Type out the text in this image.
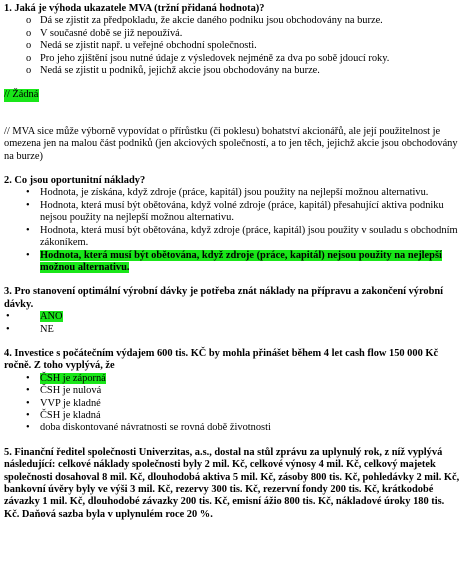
1. Jaká je výhoda ukazatele MVA (tržní přidaná hodnota)?

o Dá se zjistit za předpokladu, že akcie daného podniku jsou obchodovány na burze.
o V současné době se již nepoužívá.
o Nedá se zjistit např. u veřejné obchodní společnosti.
o Pro jeho zjištění jsou nutné údaje z výsledovek nejméně za dva po sobě jdoucí roky.
o Nedá se zjistit u podniků, jejichž akcie jsou obchodovány na burze.

// Žádná

// MVA sice může výborně vypovídat o přírůstku (či poklesu) bohatství akcionářů, ale její použitelnost je omezena jen na malou část podniků (jen akciových společností, a to jen těch, jejichž akcie jsou obchodovány na burze)

2. Co jsou oportunitní náklady?

• Hodnota, je získána, když zdroje (práce, kapitál) jsou použity na nejlepší možnou alternativu.
• Hodnota, která musí být obětována, když volné zdroje (práce, kapitál) přesahující aktiva podniku nejsou použity na nejlepší možnou alternativu.
• Hodnota, která musí být obětována, když zdroje (práce, kapitál) jsou použity v souladu s obchodním zákoníkem.
• Hodnota, která musí být obětována, když zdroje (práce, kapitál) nejsou použity na nejlepší možnou alternativu.

3. Pro stanovení optimální výrobní dávky je potřeba znát náklady na přípravu a zakončení výrobní dávky.

•	ANO
•	NE

4. Investice s počátečním výdajem 600 tis. KČ by mohla přinášet během 4 let cash flow 150 000 Kč ročně. Z toho vyplývá, že

• ČSH je záporná
• ČSH je nulová
• VVP je kladné
• ČSH je kladná
• doba diskontované návratnosti se rovná době životnosti

5. Finanční ředitel společnosti Univerzitas, a.s., dostal na stůl zprávu za uplynulý rok, z níž vyplývá následující: celkové náklady společnosti byly 2 mil. Kč, celkové výnosy 4 mil. Kč, celkový majetek společnosti dosahoval 8 mil. Kč, dlouhodobá aktiva 5 mil. Kč, zásoby 800 tis. Kč, pohledávky 2 mil. Kč, bankovní úvěry byly ve výši 3 mil. Kč, rezervy 300 tis. Kč, rezervní fondy 200 tis. Kč, krátkodobé závazky 1 mil. Kč, dlouhodobé závazky 200 tis. Kč, emisní ážio 800 tis. Kč, nákladové úroky 180 tis. Kč. Daňová sazba byla v uplynulém roce 20 %.
